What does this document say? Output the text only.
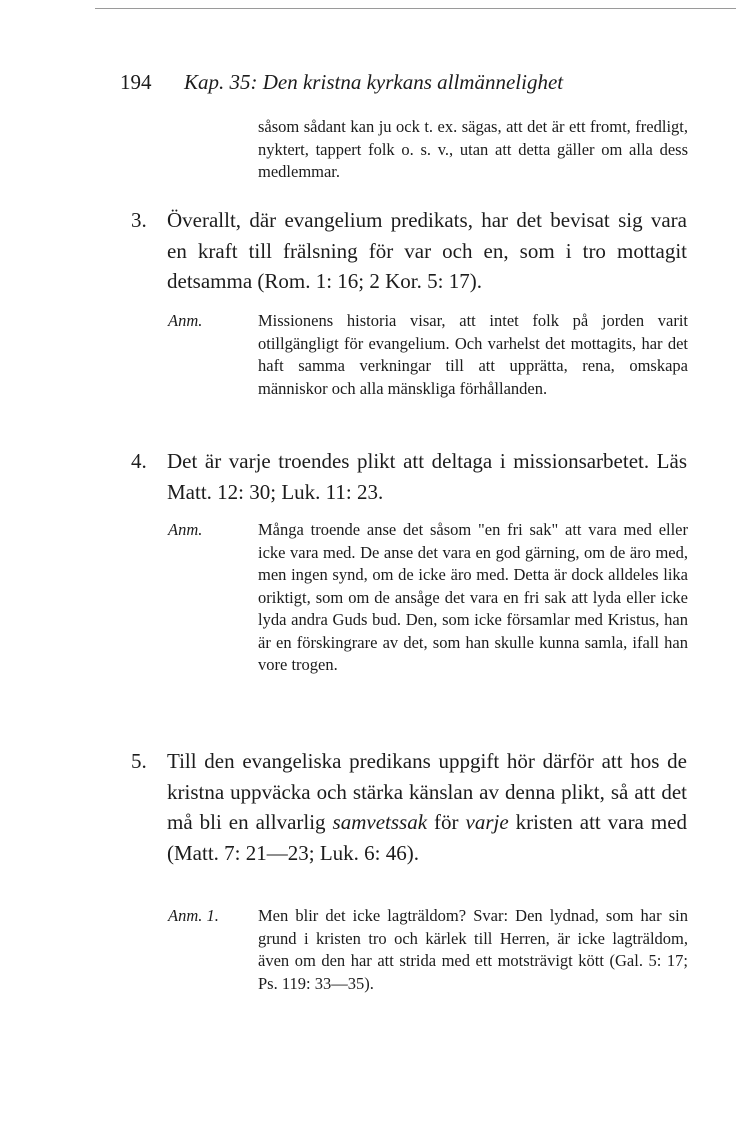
194 Kap. 35: Den kristna kyrkans allmännelighet
såsom sådant kan ju ock t. ex. sägas, att det är ett fromt, fredligt, nyktert, tappert folk o. s. v., utan att detta gäller om alla dess medlemmar.
3. Överallt, där evangelium predikats, har det bevisat sig vara en kraft till frälsning för var och en, som i tro mottagit detsamma (Rom. 1: 16; 2 Kor. 5: 17).
Anm.	Missionens historia visar, att intet folk på jorden varit otillgängligt för evangelium. Och varhelst det mottagits, har det haft samma verkningar till att upprätta, rena, omskapa människor och alla mänskliga förhållanden.
4. Det är varje troendes plikt att deltaga i missionsarbetet. Läs Matt. 12: 30; Luk. 11: 23.
Anm.	Många troende anse det såsom "en fri sak" att vara med eller icke vara med. De anse det vara en god gärning, om de äro med, men ingen synd, om de icke äro med. Detta är dock alldeles lika oriktigt, som om de ansåge det vara en fri sak att lyda eller icke lyda andra Guds bud. Den, som icke församlar med Kristus, han är en förskingrare av det, som han skulle kunna samla, ifall han vore trogen.
5. Till den evangeliska predikans uppgift hör därför att hos de kristna uppväcka och stärka känslan av denna plikt, så att det må bli en allvarlig samvetssak för varje kristen att vara med (Matt. 7: 21—23; Luk. 6: 46).
Anm. 1. Men blir det icke lagträldom? Svar: Den lydnad, som har sin grund i kristen tro och kärlek till Herren, är icke lagträldom, även om den har att strida med ett motsträvigt kött (Gal. 5: 17; Ps. 119: 33—35).
